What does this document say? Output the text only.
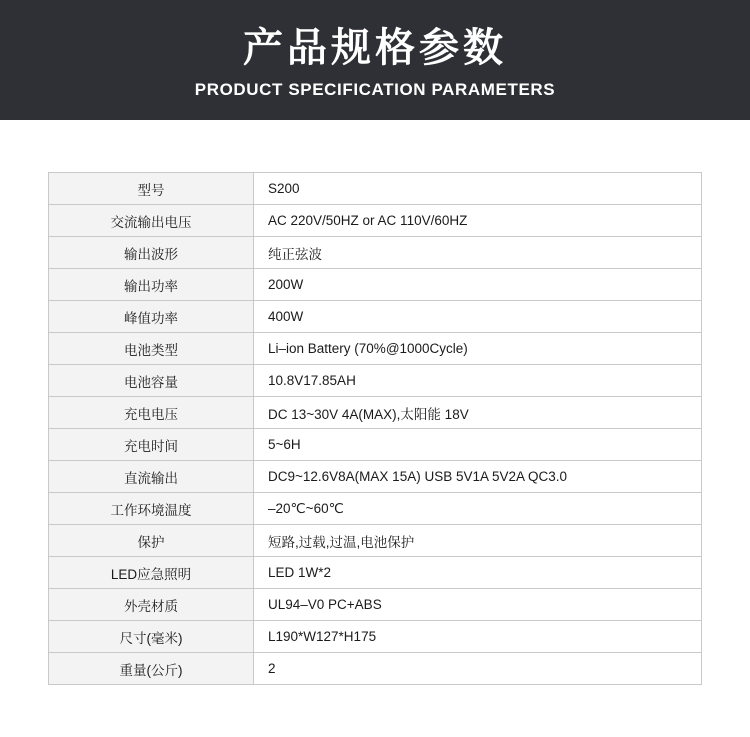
产品规格参数
PRODUCT SPECIFICATION PARAMETERS
型号	S200
交流输出电压	AC 220V/50HZ or AC 110V/60HZ
输出波形	纯正弦波
输出功率	200W
峰值功率	400W
电池类型	Li–ion Battery (70%@1000Cycle)
电池容量	10.8V17.85AH
充电电压	DC 13~30V 4A(MAX),太阳能 18V
充电时间	5~6H
直流输出	DC9~12.6V8A(MAX 15A) USB 5V1A 5V2A QC3.0
工作环境温度	–20℃~60℃
保护	短路,过载,过温,电池保护
LED应急照明	LED 1W*2
外壳材质	UL94–V0 PC+ABS
尺寸(毫米)	L190*W127*H175
重量(公斤)	2
